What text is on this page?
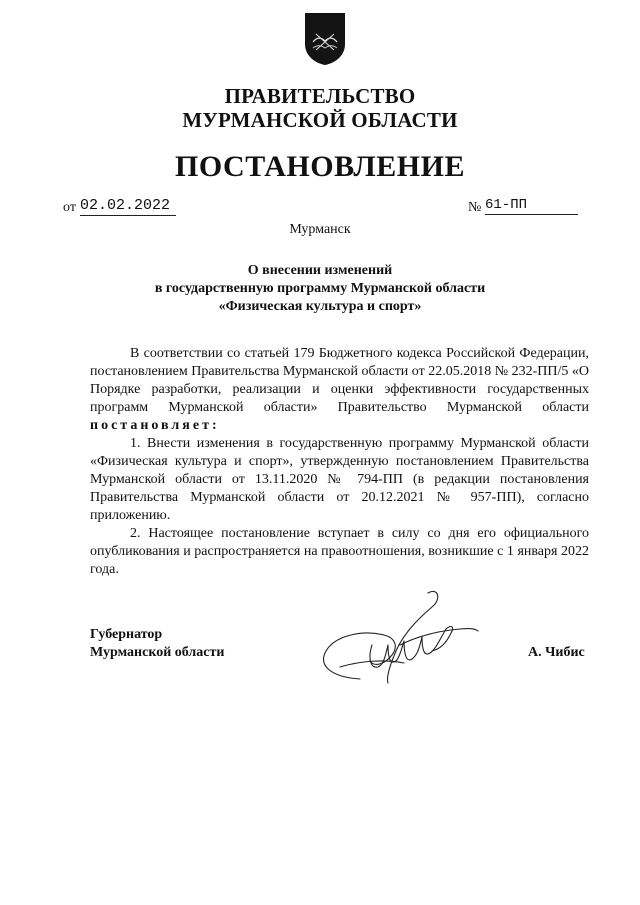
ПРАВИТЕЛЬСТВО
МУРМАНСКОЙ ОБЛАСТИ
ПОСТАНОВЛЕНИЕ
от 02.02.2022	№ 61-ПП
Мурманск
О внесении изменений
в государственную программу Мурманской области
«Физическая культура и спорт»

В соответствии со статьей 179 Бюджетного кодекса Российской Федерации, постановлением Правительства Мурманской области от 22.05.2018 № 232-ПП/5 «О Порядке разработки, реализации и оценки эффективности государственных программ Мурманской области» Правительство Мурманской области постановляет:

1. Внести изменения в государственную программу Мурманской области «Физическая культура и спорт», утвержденную постановлением Правительства Мурманской области от 13.11.2020 № 794-ПП (в редакции постановления Правительства Мурманской области от 20.12.2021 № 957-ПП), согласно приложению.

2. Настоящее постановление вступает в силу со дня его официального опубликования и распространяется на правоотношения, возникшие с 1 января 2022 года.

Губернатор
Мурманской области	А. Чибис
